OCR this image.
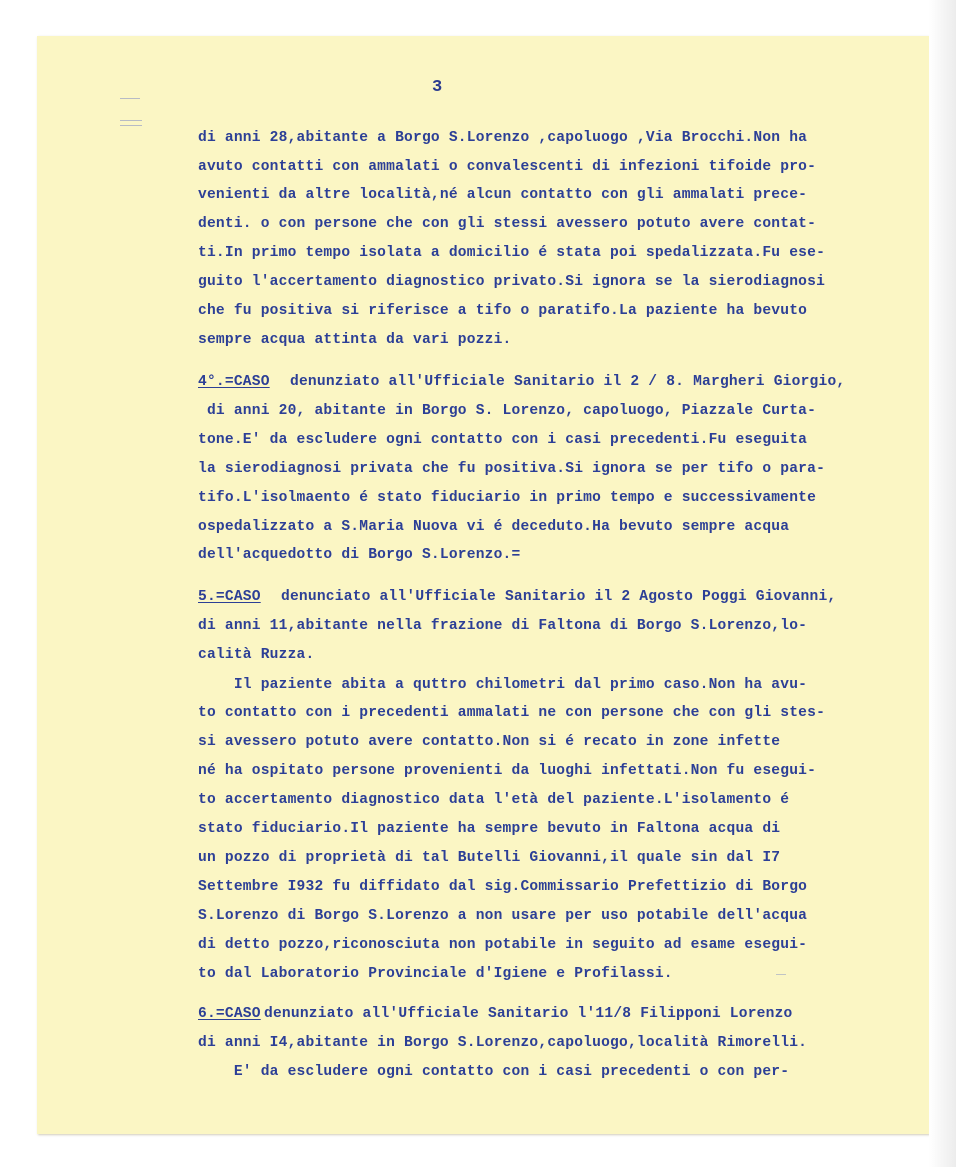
3
di anni 28,abitante a Borgo S.Lorenzo ,capoluogo ,Via Brocchi.Non ha
avuto contatti con ammalati o convalescenti di infezioni tifoide pro-
venienti da altre località,né alcun contatto con gli ammalati prece-
denti. o con persone che con gli stessi avessero potuto avere contat-
ti.In primo tempo isolata a domicilio é stata poi spedalizzata.Fu ese-
guito l'accertamento diagnostico privato.Si ignora se la sierodiagnosi
che fu positiva si riferisce a tifo o paratifo.La paziente ha bevuto
sempre acqua attinta da vari pozzi.
4°.=CASO denunziato all'Ufficiale Sanitario il 2 / 8. Margheri Giorgio,
di anni 20, abitante in Borgo S. Lorenzo, capoluogo, Piazzale Curta-
tone.E' da escludere ogni contatto con i casi precedenti.Fu eseguita
la sierodiagnosi privata che fu positiva.Si ignora se per tifo o para-
tifo.L'isolmaento é stato fiduciario in primo tempo e successivamente
ospedalizzato a S.Maria Nuova vi é deceduto.Ha bevuto sempre acqua
dell'acquedotto di Borgo S.Lorenzo.=
5.=CASO denunciato all'Ufficiale Sanitario il 2 Agosto Poggi Giovanni,
di anni 11,abitante nella frazione di Faltona di Borgo S.Lorenzo,lo-
calità Ruzza.
Il paziente abita a quttro chilometri dal primo caso.Non ha avu-
to contatto con i precedenti ammalati ne con persone che con gli stes-
si avessero potuto avere contatto.Non si é recato in zone infette
né ha ospitato persone provenienti da luoghi infettati.Non fu esegui-
to accertamento diagnostico data l'età del paziente.L'isolamento é
stato fiduciario.Il paziente ha sempre bevuto in Faltona acqua di
un pozzo di proprietà di tal Butelli Giovanni,il quale sin dal I7
Settembre I932 fu diffidato dal sig.Commissario Prefettizio di Borgo
S.Lorenzo di Borgo S.Lorenzo a non usare per uso potabile dell'acqua
di detto pozzo,riconosciuta non potabile in seguito ad esame esegui-
to dal Laboratorio Provinciale d'Igiene e Profilassi.
6.=CASO denunziato all'Ufficiale Sanitario l'11/8 Filipponi Lorenzo
di anni I4,abitante in Borgo S.Lorenzo,capoluogo,località Rimorelli.
E' da escludere ogni contatto con i casi precedenti o con per-
